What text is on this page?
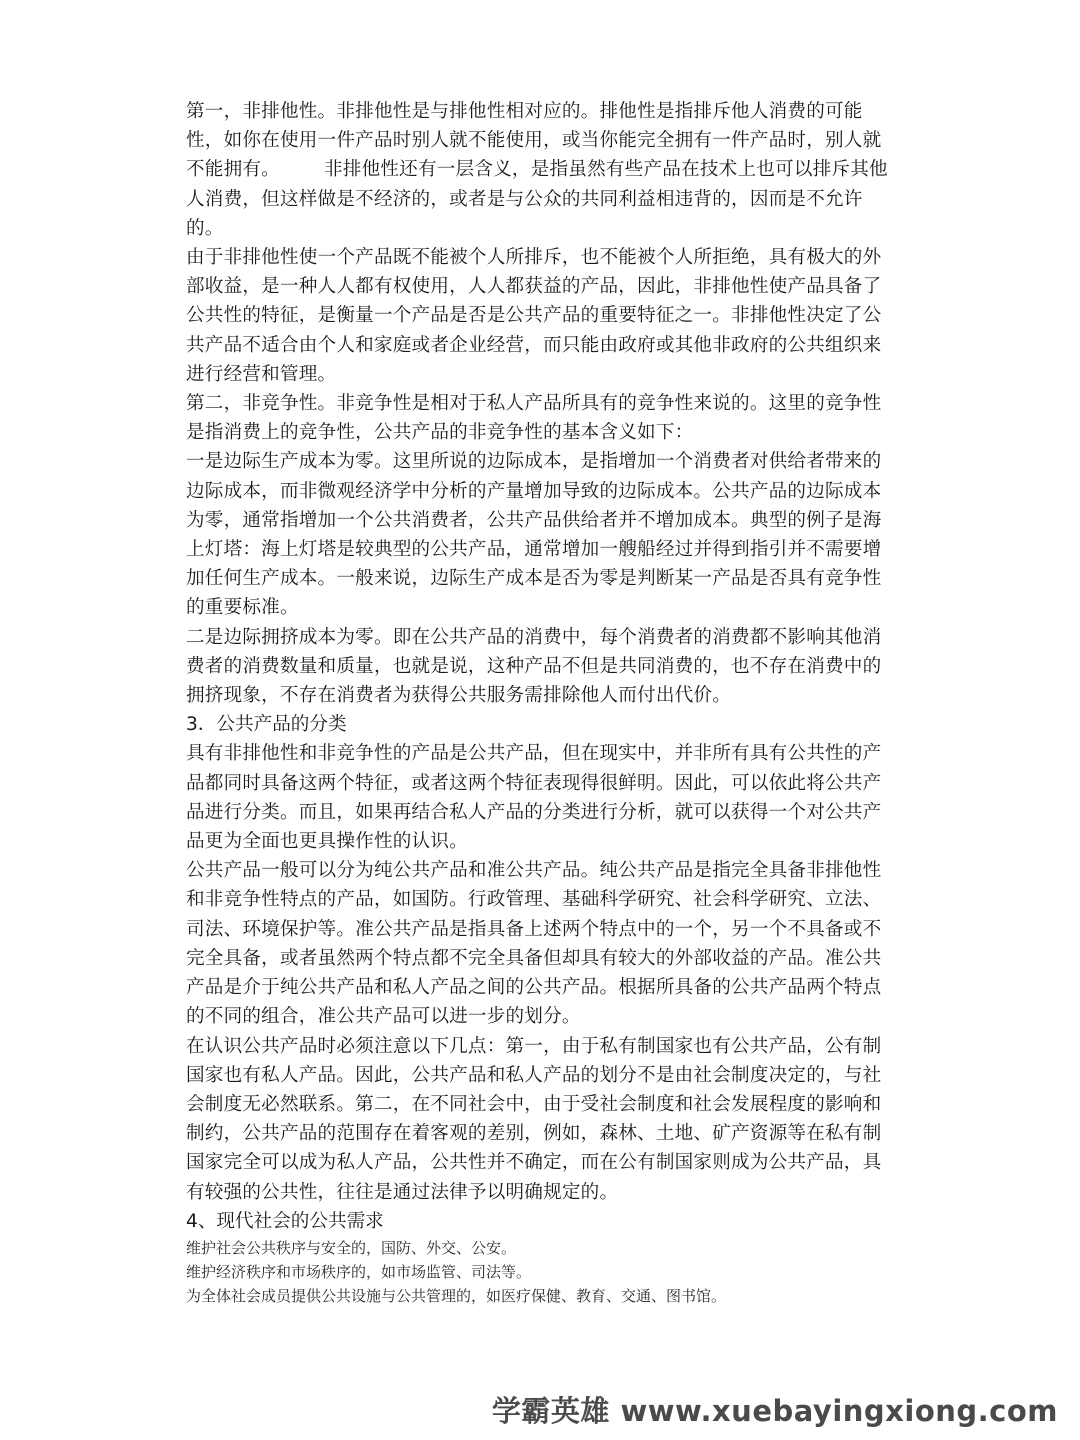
第一，非排他性。非排他性是与排他性相对应的。排他性是指排斥他人消费的可能性，如你在使用一件产品时别人就不能使用，或当你能完全拥有一件产品时，别人就不能拥有。 非排他性还有一层含义，是指虽然有些产品在技术上也可以排斥其他人消费，但这样做是不经济的，或者是与公众的共同利益相违背的，因而是不允许的。

由于非排他性使一个产品既不能被个人所排斥，也不能被个人所拒绝，具有极大的外部收益，是一种人人都有权使用，人人都获益的产品，因此，非排他性使产品具备了公共性的特征，是衡量一个产品是否是公共产品的重要特征之一。非排他性决定了公共产品不适合由个人和家庭或者企业经营，而只能由政府或其他非政府的公共组织来进行经营和管理。

第二，非竞争性。非竞争性是相对于私人产品所具有的竞争性来说的。这里的竞争性是指消费上的竞争性，公共产品的非竞争性的基本含义如下：

一是边际生产成本为零。这里所说的边际成本，是指增加一个消费者对供给者带来的边际成本，而非微观经济学中分析的产量增加导致的边际成本。公共产品的边际成本为零，通常指增加一个公共消费者，公共产品供给者并不增加成本。典型的例子是海上灯塔：海上灯塔是较典型的公共产品，通常增加一艘船经过并得到指引并不需要增加任何生产成本。一般来说，边际生产成本是否为零是判断某一产品是否具有竞争性的重要标准。

二是边际拥挤成本为零。即在公共产品的消费中，每个消费者的消费都不影响其他消费者的消费数量和质量，也就是说，这种产品不但是共同消费的，也不存在消费中的拥挤现象，不存在消费者为获得公共服务需排除他人而付出代价。

3．公共产品的分类

具有非排他性和非竞争性的产品是公共产品，但在现实中，并非所有具有公共性的产品都同时具备这两个特征，或者这两个特征表现得很鲜明。因此，可以依此将公共产品进行分类。而且，如果再结合私人产品的分类进行分析，就可以获得一个对公共产品更为全面也更具操作性的认识。

公共产品一般可以分为纯公共产品和准公共产品。纯公共产品是指完全具备非排他性和非竞争性特点的产品，如国防。行政管理、基础科学研究、社会科学研究、立法、司法、环境保护等。准公共产品是指具备上述两个特点中的一个，另一个不具备或不完全具备，或者虽然两个特点都不完全具备但却具有较大的外部收益的产品。准公共产品是介于纯公共产品和私人产品之间的公共产品。根据所具备的公共产品两个特点的不同的组合，准公共产品可以进一步的划分。

在认识公共产品时必须注意以下几点：第一，由于私有制国家也有公共产品，公有制国家也有私人产品。因此，公共产品和私人产品的划分不是由社会制度决定的，与社会制度无必然联系。第二，在不同社会中，由于受社会制度和社会发展程度的影响和制约，公共产品的范围存在着客观的差别，例如，森林、土地、矿产资源等在私有制国家完全可以成为私人产品，公共性并不确定，而在公有制国家则成为公共产品，具有较强的公共性，往往是通过法律予以明确规定的。

4、现代社会的公共需求

维护社会公共秩序与安全的，国防、外交、公安。

维护经济秩序和市场秩序的，如市场监管、司法等。

为全体社会成员提供公共设施与公共管理的，如医疗保健、教育、交通、图书馆。

学霸英雄 www.xuebayingxiong.com
